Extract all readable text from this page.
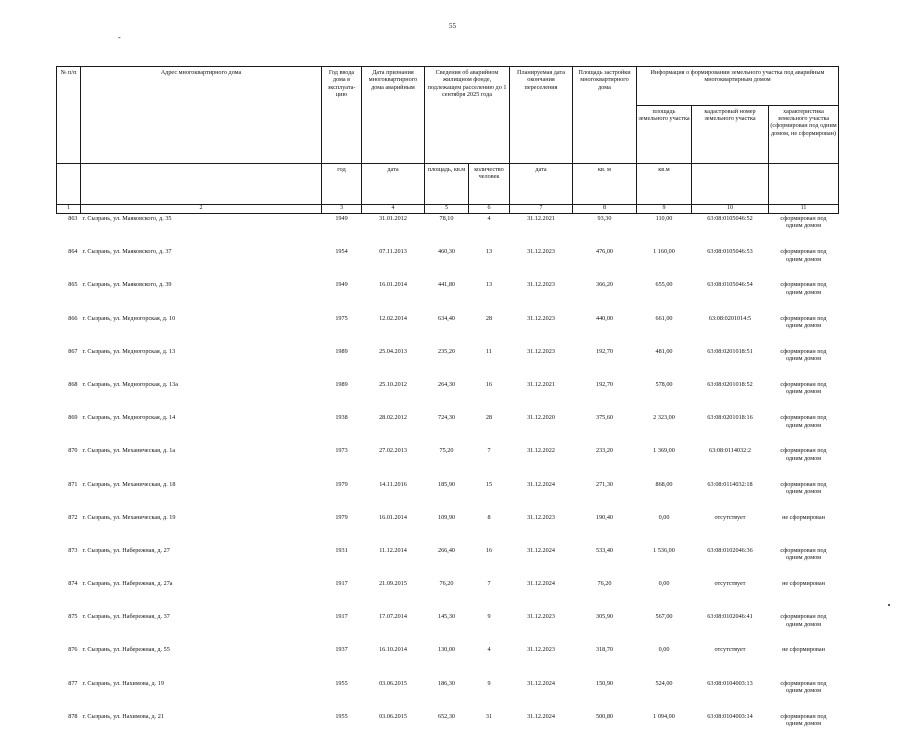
55
-
№ п/п	Адрес многоквартирного дома	Год ввода дома в эксплуата-цию	Дата признания многоквартирного дома аварийным	Сведения об аварийном жилищном фонде, подлежащем расселению до 1 сентября 2025 года		Планируемая дата окончания переселения	Площадь застройки многоквартирного дома	Информация о формировании земельного участка под аварийным многоквартирным домом		
								площадь земельного участка	кадастровый номер земельного участка	характеристика земельного участка (сформирован под одним домом, не сформирован)
		год	дата	площадь, кв.м	количество человек	дата	кв. м	кв.м		
1	2	3	4	5	6	7	8	9	10	11
863	г. Сызрань, ул. Маяковского, д. 35	1949	31.01.2012	78,10	4	31.12.2021	93,30	110,00	63:08:0105046:52	сформирован под
одним домом

864	г. Сызрань, ул. Маяковского, д. 37	1954	07.11.2013	460,30	13	31.12.2023	476,00	1 160,00	63:08:0105046:53	сформирован под
одним домом

865	г. Сызрань, ул. Маяковского, д. 39	1949	16.01.2014	441,80	13	31.12.2023	366,20	655,00	63:08:0105046:54	сформирован под
одним домом

866	г. Сызрань, ул. Медногорская, д. 10	1975	12.02.2014	634,40	28	31.12.2023	440,00	661,00	63:08:0201014:5	сформирован под
одним домом

867	г. Сызрань, ул. Медногорская, д. 13	1989	25.04.2013	235,20	11	31.12.2023	192,70	481,00	63:08:0201018:51	сформирован под
одним домом

868	г. Сызрань, ул. Медногорская, д. 13а	1989	25.10.2012	264,30	16	31.12.2021	192,70	578,00	63:08:0201018:52	сформирован под
одним домом

869	г. Сызрань, ул. Медногорская, д. 14	1938	28.02.2012	724,30	28	31.12.2020	375,60	2 323,00	63:08:0201018:16	сформирован под
одним домом

870	г. Сызрань, ул. Механическая, д. 1а	1973	27.02.2013	75,20	7	31.12.2022	233,20	1 369,00	63:08:0114032:2	сформирован под
одним домом

871	г. Сызрань, ул. Механическая, д. 18	1979	14.11.2016	185,90	15	31.12.2024	271,30	868,00	63:08:0114032:18	сформирован под
одним домом

872	г. Сызрань, ул. Механическая, д. 19	1979	16.01.2014	109,90	8	31.12.2023	190,40	0,00	отсутствует	не сформирован

873	г. Сызрань, ул. Набережная, д. 27	1931	11.12.2014	266,40	16	31.12.2024	533,40	1 536,00	63:08:0102046:36	сформирован под
одним домом

874	г. Сызрань, ул. Набережная, д. 27а	1917	21.09.2015	76,20	7	31.12.2024	76,20	0,00	отсутствует	не сформирован

875	г. Сызрань, ул. Набережная, д. 37	1917	17.07.2014	145,30	9	31.12.2023	305,90	567,00	63:08:0102046:41	сформирован под
одним домом

876	г. Сызрань, ул. Набережная, д. 55	1937	16.10.2014	130,00	4	31.12.2023	318,70	0,00	отсутствует	не сформирован

877	г. Сызрань, ул. Нахимова, д. 19	1955	03.06.2015	186,30	9	31.12.2024	150,90	524,00	63:08:0104003:13	сформирован под
одним домом

878	г. Сызрань, ул. Нахимова, д. 21	1955	03.06.2015	652,30	31	31.12.2024	500,80	1 094,00	63:08:0104003:14	сформирован под
одним домом
